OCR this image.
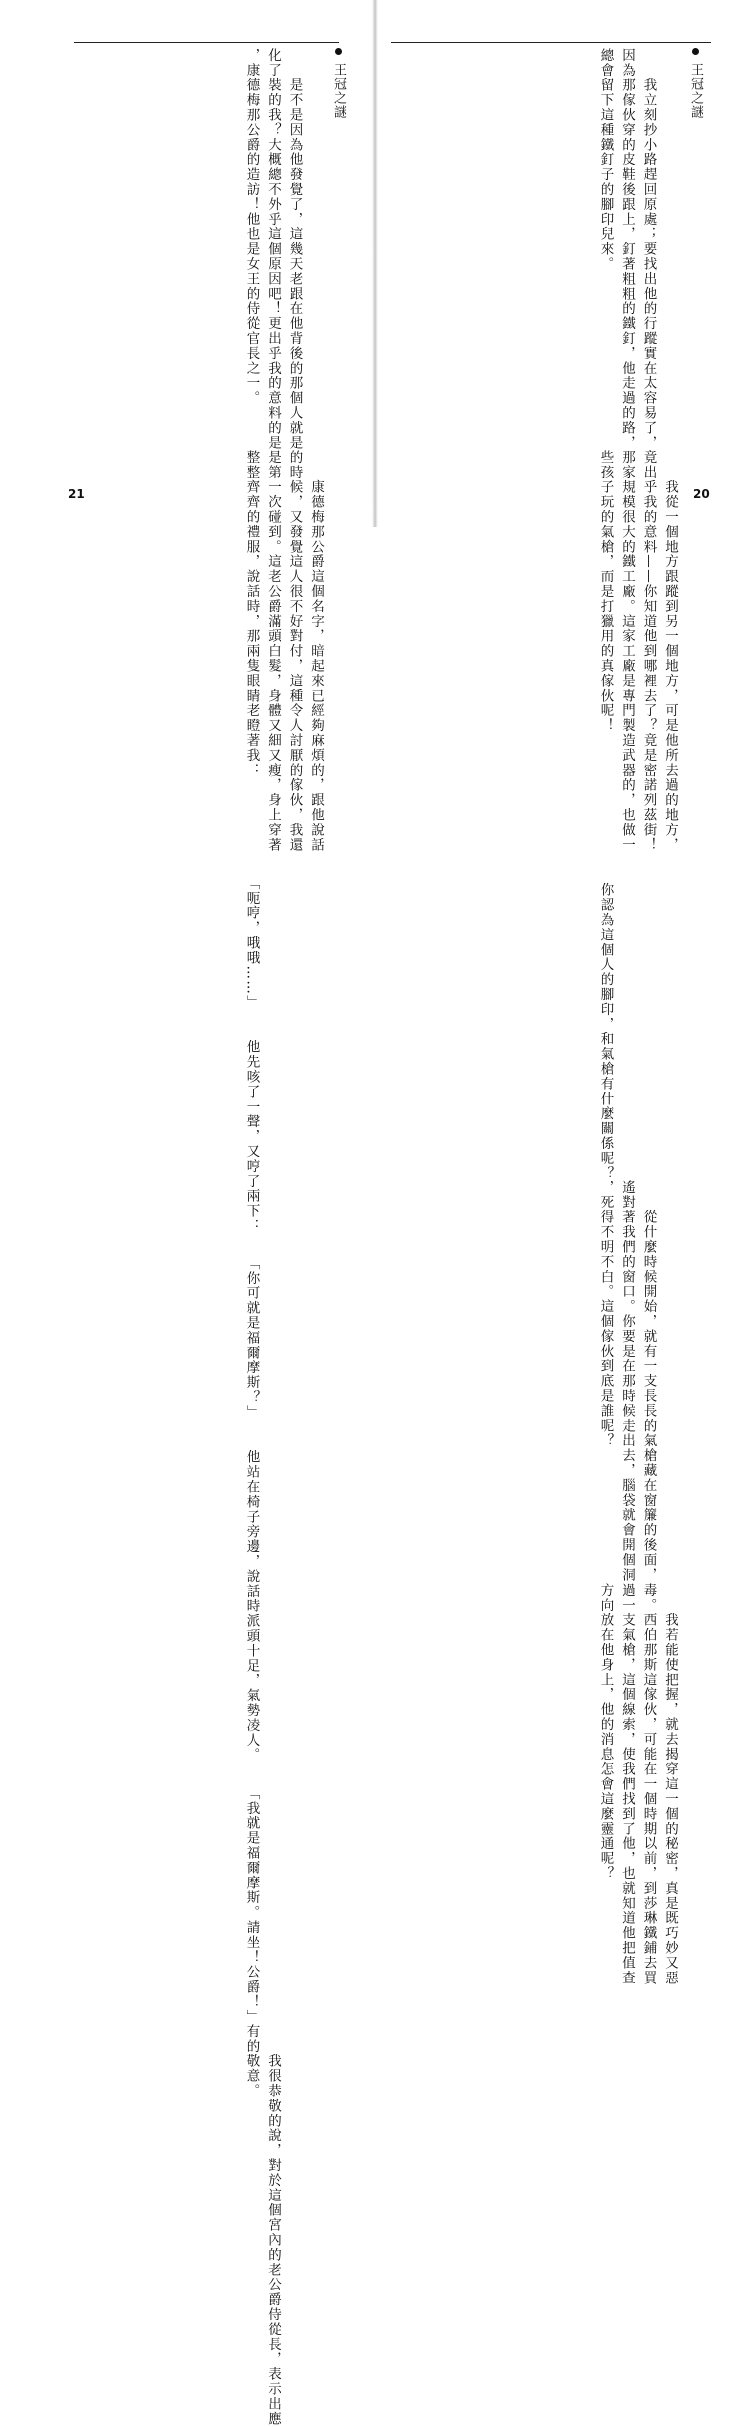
王冠之謎
　　是不是因為他發覺了，這幾天老跟在他背後的那個人就是
化了裝的我？大概總不外乎這個原因吧！更出乎我的意料的是
，康德梅那公爵的造訪！他也是女王的侍從官長之一。　　康德梅那公爵這個名字，暗起來已經夠麻煩的，跟他說話
的時候，又發覺這人很不好對付，這種令人討厭的傢伙，我還
是第一次碰到。這老公爵滿頭白髮，身體又細又瘦，身上穿著
整整齊齊的禮服，說話時，那兩隻眼睛老瞪著我：　　「呃哼，哦哦……」　　他先咳了一聲，又哼了兩下：　　「你可就是福爾摩斯？」　　他站在椅子旁邊，說話時派頭十足，氣勢凌人。　　「我就是福爾摩斯。請坐！公爵！」　　我很恭敬的說，對於這個宮內的老公爵侍從長，表示出應
有的敬意。
21
王冠之謎
　　我立刻抄小路趕回原處；要找出他的行蹤實在太容易了，
因為那傢伙穿的皮鞋後跟上，釘著粗粗的鐵釘，他走過的路，
總會留下這種鐵釘子的腳印兒來。　　我從一個地方跟蹤到另一個地方，可是他所去過的地方，
竟出乎我的意料——你知道他到哪裡去了？竟是密諾列茲街！
那家規模很大的鐵工廠。這家工廠是專門製造武器的，也做一
些孩子玩的氣槍，而是打獵用的真傢伙呢！　　你認為這個人的腳印，和氣槍有什麼關係呢？　　從什麼時候開始，就有一支長長的氣槍藏在窗簾的後面，
遙對著我們的窗口。你要是在那時候走出去，腦袋就會開個洞
，死得不明不白。這個傢伙到底是誰呢？　　我若能使把握，就去揭穿這一個的秘密，真是既巧妙又惡
毒。西伯那斯這傢伙，可能在一個時期以前，到莎琳鐵鋪去買
過一支氣槍，這個線索，使我們找到了他，也就知道他把值查
方向放在他身上，他的消息怎會這麼靈通呢？
20
